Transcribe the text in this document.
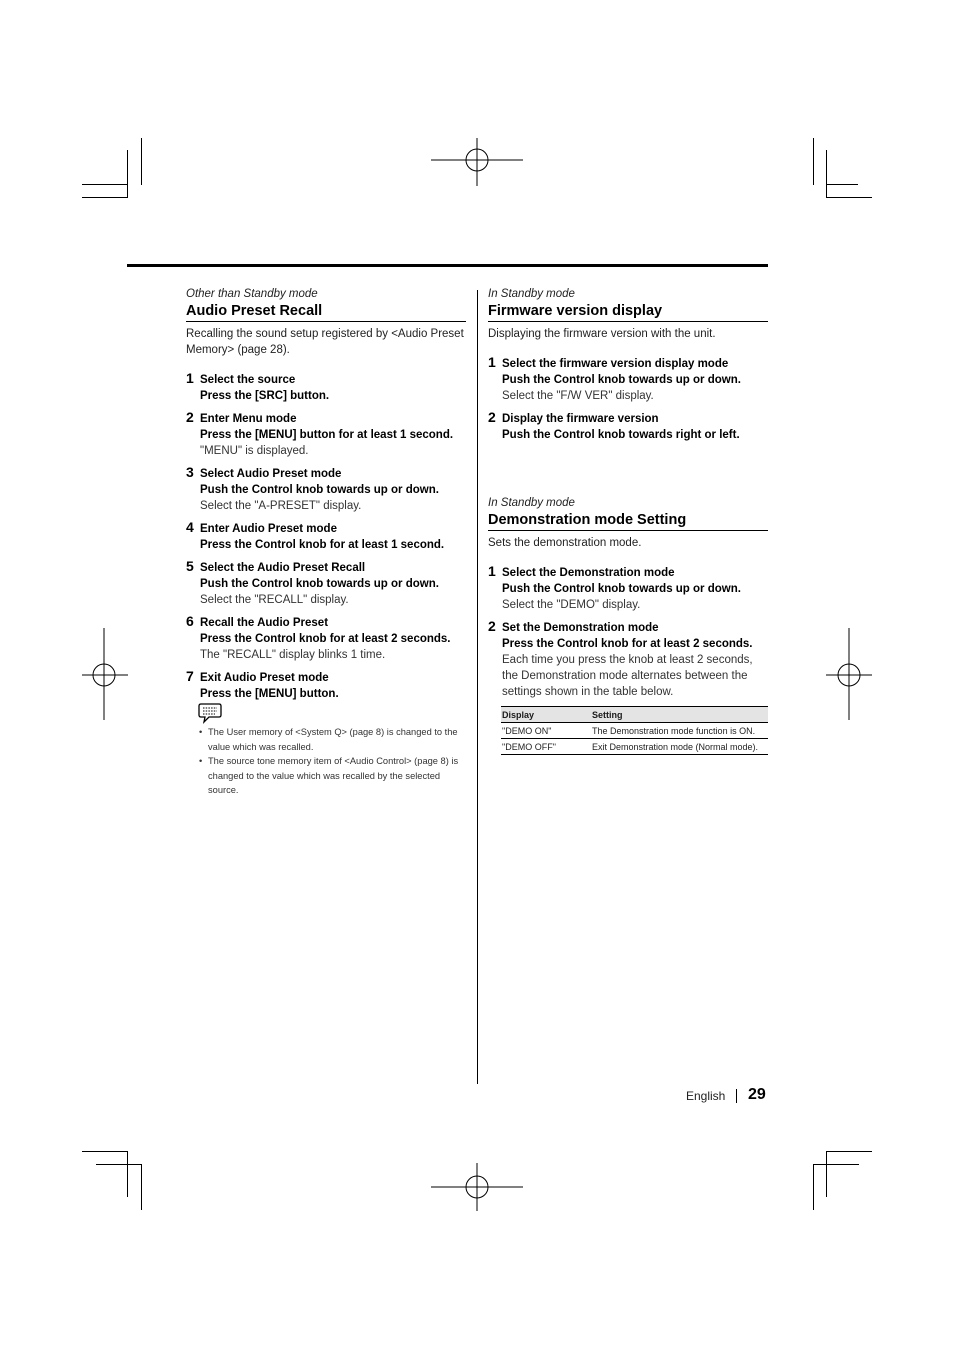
Other than Standby mode
Audio Preset Recall
Recalling the sound setup registered by <Audio Preset Memory> (page 28).
1 Select the source
Press the [SRC] button.
2 Enter Menu mode
Press the [MENU] button for at least 1 second.
"MENU" is displayed.
3 Select Audio Preset mode
Push the Control knob towards up or down.
Select the "A-PRESET" display.
4 Enter Audio Preset mode
Press the Control knob for at least 1 second.
5 Select the Audio Preset Recall
Push the Control knob towards up or down.
Select the "RECALL" display.
6 Recall the Audio Preset
Press the Control knob for at least 2 seconds.
The "RECALL" display blinks 1 time.
7 Exit Audio Preset mode
Press the [MENU] button.
• The User memory of <System Q> (page 8) is changed to the value which was recalled.
• The source tone memory item of <Audio Control> (page 8) is changed to the value which was recalled by the selected source.
In Standby mode
Firmware version display
Displaying the firmware version with the unit.
1 Select the firmware version display mode
Push the Control knob towards up or down.
Select the "F/W VER" display.
2 Display the firmware version
Push the Control knob towards right or left.
In Standby mode
Demonstration mode Setting
Sets the demonstration mode.
1 Select the Demonstration mode
Push the Control knob towards up or down.
Select the "DEMO" display.
2 Set the Demonstration mode
Press the Control knob for at least 2 seconds.
Each time you press the knob at least 2 seconds, the Demonstration mode alternates between the settings shown in the table below.
Display	Setting
"DEMO ON"	The Demonstration mode function is ON.
"DEMO OFF"	Exit Demonstration mode (Normal mode).
English 29
